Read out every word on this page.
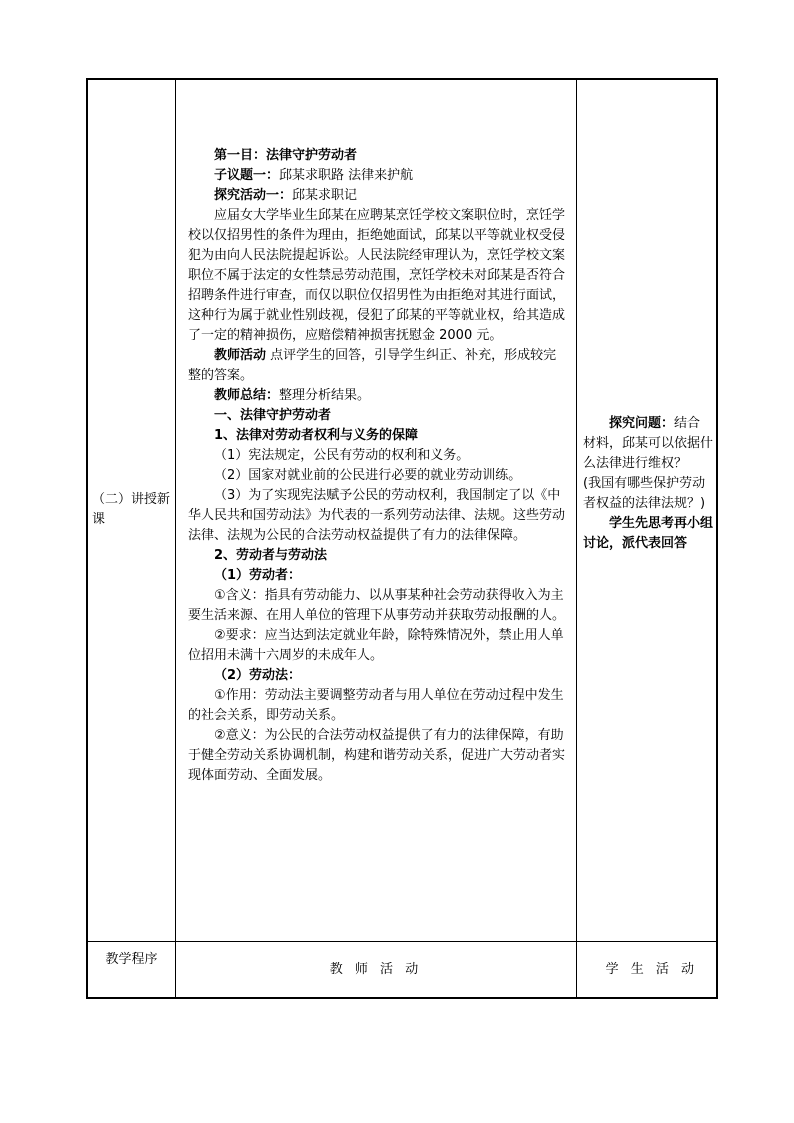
（二）讲授新课

第一目：法律守护劳动者

子议题一：邱某求职路 法律来护航

探究活动一：邱某求职记

应届女大学毕业生邱某在应聘某烹饪学校文案职位时，烹饪学校以仅招男性的条件为理由，拒绝她面试，邱某以平等就业权受侵犯为由向人民法院提起诉讼。人民法院经审理认为，烹饪学校文案职位不属于法定的女性禁忌劳动范围，烹饪学校未对邱某是否符合招聘条件进行审查，而仅以职位仅招男性为由拒绝对其进行面试，这种行为属于就业性别歧视，侵犯了邱某的平等就业权，给其造成了一定的精神损伤，应赔偿精神损害抚慰金 2000 元。

教师活动 点评学生的回答，引导学生纠正、补充，形成较完整的答案。

教师总结：整理分析结果。

一、法律守护劳动者

1、法律对劳动者权利与义务的保障

（1）宪法规定，公民有劳动的权利和义务。

（2）国家对就业前的公民进行必要的就业劳动训练。

（3）为了实现宪法赋予公民的劳动权利，我国制定了以《中华人民共和国劳动法》为代表的一系列劳动法律、法规。这些劳动法律、法规为公民的合法劳动权益提供了有力的法律保障。

2、劳动者与劳动法

（1）劳动者：

①含义：指具有劳动能力、以从事某种社会劳动获得收入为主要生活来源、在用人单位的管理下从事劳动并获取劳动报酬的人。

②要求：应当达到法定就业年龄，除特殊情况外，禁止用人单位招用未满十六周岁的未成年人。

（2）劳动法：

①作用：劳动法主要调整劳动者与用人单位在劳动过程中发生的社会关系，即劳动关系。

②意义：为公民的合法劳动权益提供了有力的法律保障，有助于健全劳动关系协调机制，构建和谐劳动关系，促进广大劳动者实现体面劳动、全面发展。

探究问题：结合材料，邱某可以依据什么法律进行维权？

(我国有哪些保护劳动者权益的法律法规？)

学生先思考再小组讨论，派代表回答

教学程序
教 师 活 动	学 生 活 动
